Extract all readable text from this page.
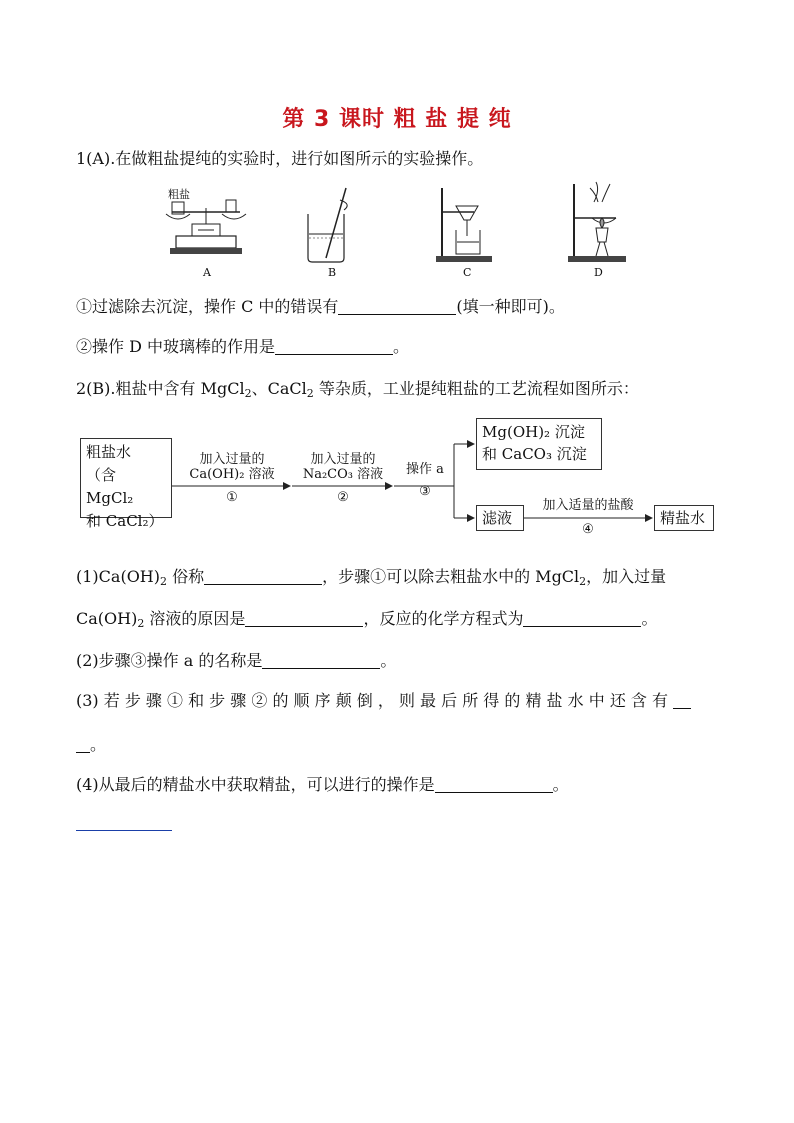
第 3 课时 粗 盐 提 纯
1(A).在做粗盐提纯的实验时，进行如图所示的实验操作。
粗盐
A	B	C	D
①过滤除去沉淀，操作 C 中的错误有	(填一种即可)。
②操作 D 中玻璃棒的作用是	。
2(B).粗盐中含有 MgCl$_2$、CaCl$_2$ 等杂质，工业提纯粗盐的工艺流程如图所示：
粗盐水
（含 MgCl₂
和 CaCl₂）
加入过量的
Ca(OH)₂ 溶液
①
加入过量的
Na₂CO₃ 溶液
②
操作 a
③
Mg(OH)₂ 沉淀
和 CaCO₃ 沉淀
滤液
加入适量的盐酸
④
精盐水
$(1)Ca(OH)_2$ 俗称	，步骤①可以除去粗盐水中的 MgCl$_2$，加入过量
$Ca(OH)_2$ 溶液的原因是	，反应的化学方程式为	。
(2)步骤③操作 a 的名称是	。
(3) 若 步 骤 ① 和 步 骤 ② 的 顺 序 颠 倒 ， 则 最 后 所 得 的 精 盐 水 中 还 含 有
。
(4)从最后的精盐水中获取精盐，可以进行的操作是	。
